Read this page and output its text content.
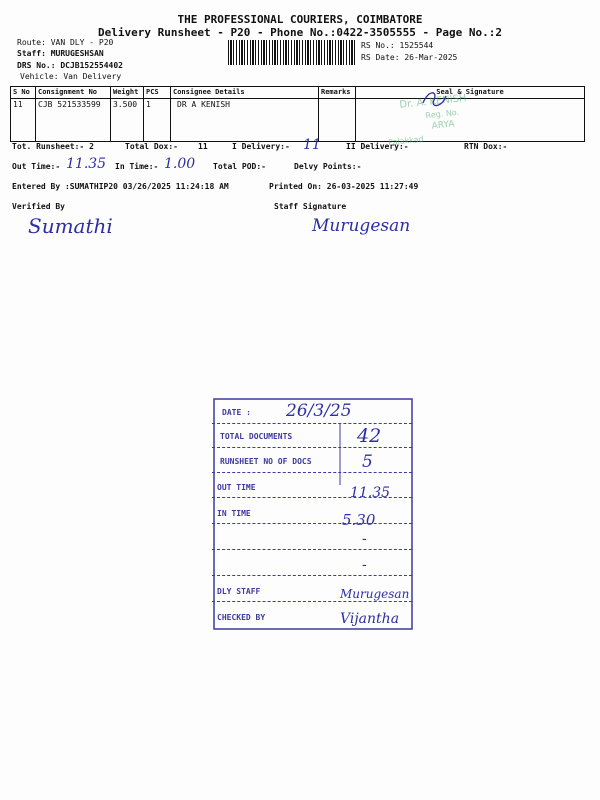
THE PROFESSIONAL COURIERS, COIMBATORE
Delivery Runsheet - P20 - Phone No.:0422-3505555 - Page No.:2
Route: VAN DLY - P20
Staff: MURUGESHSAN
DRS No.: DCJB152554402
Vehicle: Van Delivery
RS No.: 1525544
RS Date: 26-Mar-2025
S No	Consignment No	Weight	PCS	Consignee Details	Remarks	Seal & Signature
11	CJB 521533599	3.500	1	DR A KENISH			Dr. A. KENISH
Reg. No.
ARYA
Palakkad
Tot. Runsheet:- 2	Total Dox:-	11	I Delivery:- 11	II Delivery:-	RTN Dox:-
Out Time:- 11.35 In Time:- 1.00 Total POD:-	Delvy Points:-
Entered By :SUMATHIP20 03/26/2025 11:24:18 AM	Printed On: 26-03-2025 11:27:49
Verified By	Staff Signature
Sumathi	Murugesan
DATE : 26/3/25
TOTAL DOCUMENTS	42
RUNSHEET NO OF DOCS	5
OUT TIME	11.35
IN TIME	5.30
-
-
DLY STAFF	Murugesan
CHECKED BY	Vijantha
